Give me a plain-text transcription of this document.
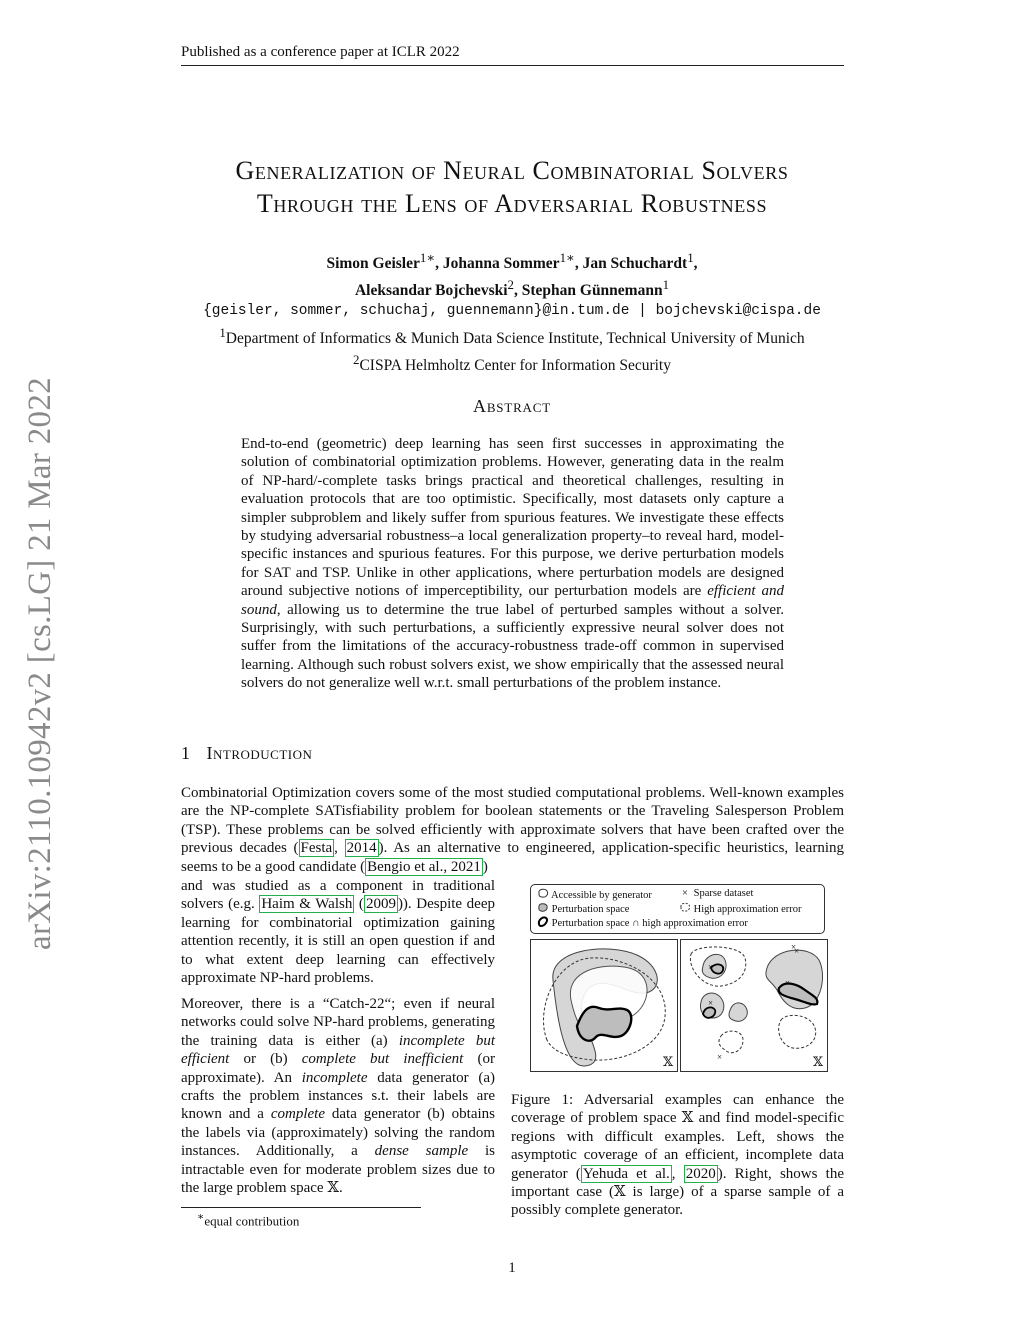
Published as a conference paper at ICLR 2022
arXiv:2110.10942v2 [cs.LG] 21 Mar 2022
Generalization of Neural Combinatorial Solvers
Through the Lens of Adversarial Robustness
Simon Geisler$^{1∗}$, Johanna Sommer$^{1∗}$, Jan Schuchardt$^1$,
Aleksandar Bojchevski$^2$, Stephan Günnemann$^1$
{geisler, sommer, schuchaj, guennemann}@in.tum.de | bojchevski@cispa.de
$^1$Department of Informatics & Munich Data Science Institute, Technical University of Munich
$^2$CISPA Helmholtz Center for Information Security
Abstract
End-to-end (geometric) deep learning has seen first successes in approximating the solution of combinatorial optimization problems. However, generating data in the realm of NP-hard/-complete tasks brings practical and theoretical challenges, resulting in evaluation protocols that are too optimistic. Specifically, most datasets only capture a simpler subproblem and likely suffer from spurious features. We investigate these effects by studying adversarial robustness–a local generalization property–to reveal hard, model-specific instances and spurious features. For this purpose, we derive perturbation models for SAT and TSP. Unlike in other applications, where perturbation models are designed around subjective notions of imperceptibility, our perturbation models are efficient and sound, allowing us to determine the true label of perturbed samples without a solver. Surprisingly, with such perturbations, a sufficiently expressive neural solver does not suffer from the limitations of the accuracy-robustness trade-off common in supervised learning. Although such robust solvers exist, we show empirically that the assessed neural solvers do not generalize well w.r.t. small perturbations of the problem instance.
1 Introduction
Combinatorial Optimization covers some of the most studied computational problems. Well-known examples are the NP-complete SATisfiability problem for boolean statements or the Traveling Salesperson Problem (TSP). These problems can be solved efficiently with approximate solvers that have been crafted over the previous decades ( Festa , 2014 ). As an alternative to engineered, application-specific heuristics, learning seems to be a good candidate ( Bengio et al., 2021 )
and was studied as a component in traditional solvers (e.g. Haim & Walsh ( 2009 )). Despite deep learning for combinatorial optimization gaining attention recently, it is still an open question if and to what extent deep learning can effectively approximate NP-hard problems.
Moreover, there is a “Catch-22“; even if neural networks could solve NP-hard problems, generating the training data is either (a) incomplete but efficient or (b) complete but inefficient (or approximate). An incomplete data generator (a) crafts the problem instances s.t. their labels are known and a complete data generator (b) obtains the labels via (approximately) solving the random instances. Additionally, a dense sample is intractable even for moderate problem sizes due to the large problem space 𝕏.
Accessible by generator
Perturbation space
Perturbation space ∩ high approximation error
× Sparse dataset
High approximation error
𝕏
×
×
×
×
×
×	𝕏
Figure 1: Adversarial examples can enhance the coverage of problem space 𝕏 and find model-specific regions with difficult examples. Left, shows the asymptotic coverage of an efficient, incomplete data generator ( Yehuda et al. , 2020 ). Right, shows the important case (𝕏 is large) of a sparse sample of a possibly complete generator.
∗equal contribution
1
